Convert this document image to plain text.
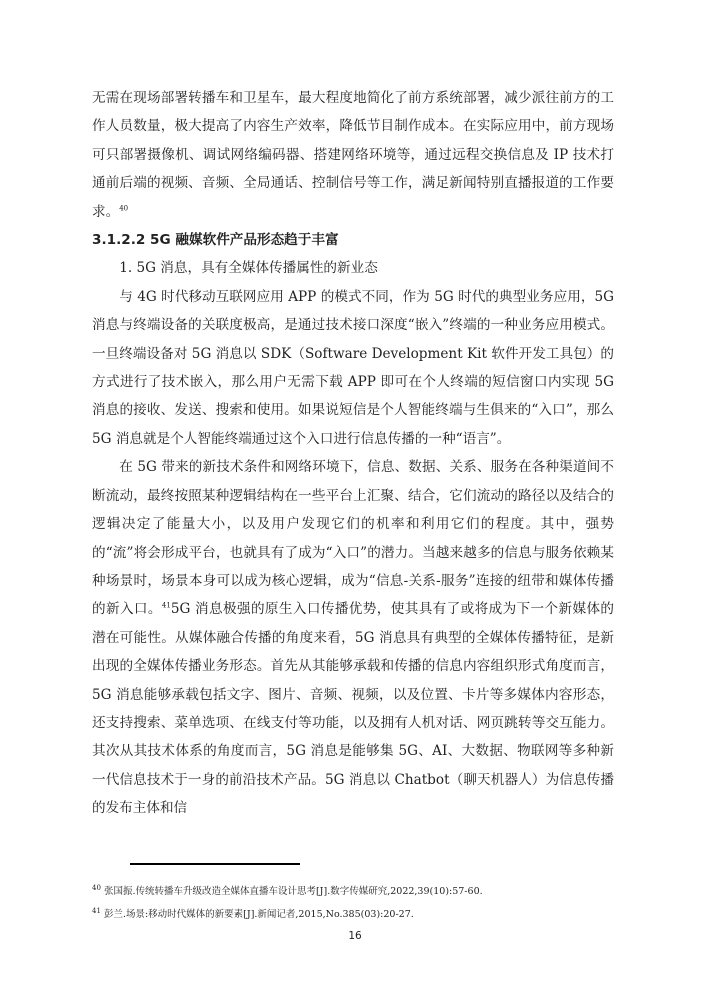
无需在现场部署转播车和卫星车，最大程度地简化了前方系统部署，减少派往前方的工作人员数量，极大提高了内容生产效率，降低节目制作成本。在实际应用中，前方现场可只部署摄像机、调试网络编码器、搭建网络环境等，通过远程交换信息及 IP 技术打通前后端的视频、音频、全局通话、控制信号等工作，满足新闻特别直播报道的工作要求。$^{40}$

3.1.2.2 5G 融媒软件产品形态趋于丰富

1. 5G 消息，具有全媒体传播属性的新业态

与 4G 时代移动互联网应用 APP 的模式不同，作为 5G 时代的典型业务应用，5G 消息与终端设备的关联度极高，是通过技术接口深度“嵌入”终端的一种业务应用模式。一旦终端设备对 5G 消息以 SDK（Software Development Kit 软件开发工具包）的方式进行了技术嵌入，那么用户无需下载 APP 即可在个人终端的短信窗口内实现 5G 消息的接收、发送、搜索和使用。如果说短信是个人智能终端与生俱来的“入口”，那么 5G 消息就是个人智能终端通过这个入口进行信息传播的一种“语言”。

在 5G 带来的新技术条件和网络环境下，信息、数据、关系、服务在各种渠道间不断流动，最终按照某种逻辑结构在一些平台上汇聚、结合，它们流动的路径以及结合的逻辑决定了能量大小，以及用户发现它们的机率和利用它们的程度。其中，强势的“流”将会形成平台，也就具有了成为“入口”的潜力。当越来越多的信息与服务依赖某种场景时，场景本身可以成为核心逻辑，成为“信息-关系-服务”连接的纽带和媒体传播的新入口。$^{41}$5G 消息极强的原生入口传播优势，使其具有了或将成为下一个新媒体的潜在可能性。从媒体融合传播的角度来看，5G 消息具有典型的全媒体传播特征，是新出现的全媒体传播业务形态。首先从其能够承载和传播的信息内容组织形式角度而言，5G 消息能够承载包括文字、图片、音频、视频，以及位置、卡片等多媒体内容形态，还支持搜索、菜单选项、在线支付等功能，以及拥有人机对话、网页跳转等交互能力。其次从其技术体系的角度而言，5G 消息是能够集 5G、AI、大数据、物联网等多种新一代信息技术于一身的前沿技术产品。5G 消息以 Chatbot（聊天机器人）为信息传播的发布主体和信

$^{40}$ 张国振.传统转播车升级改造全媒体直播车设计思考[J].数字传媒研究,2022,39(10):57-60.

$^{41}$ 彭兰.场景:移动时代媒体的新要素[J].新闻记者,2015,No.385(03):20-27.

16
